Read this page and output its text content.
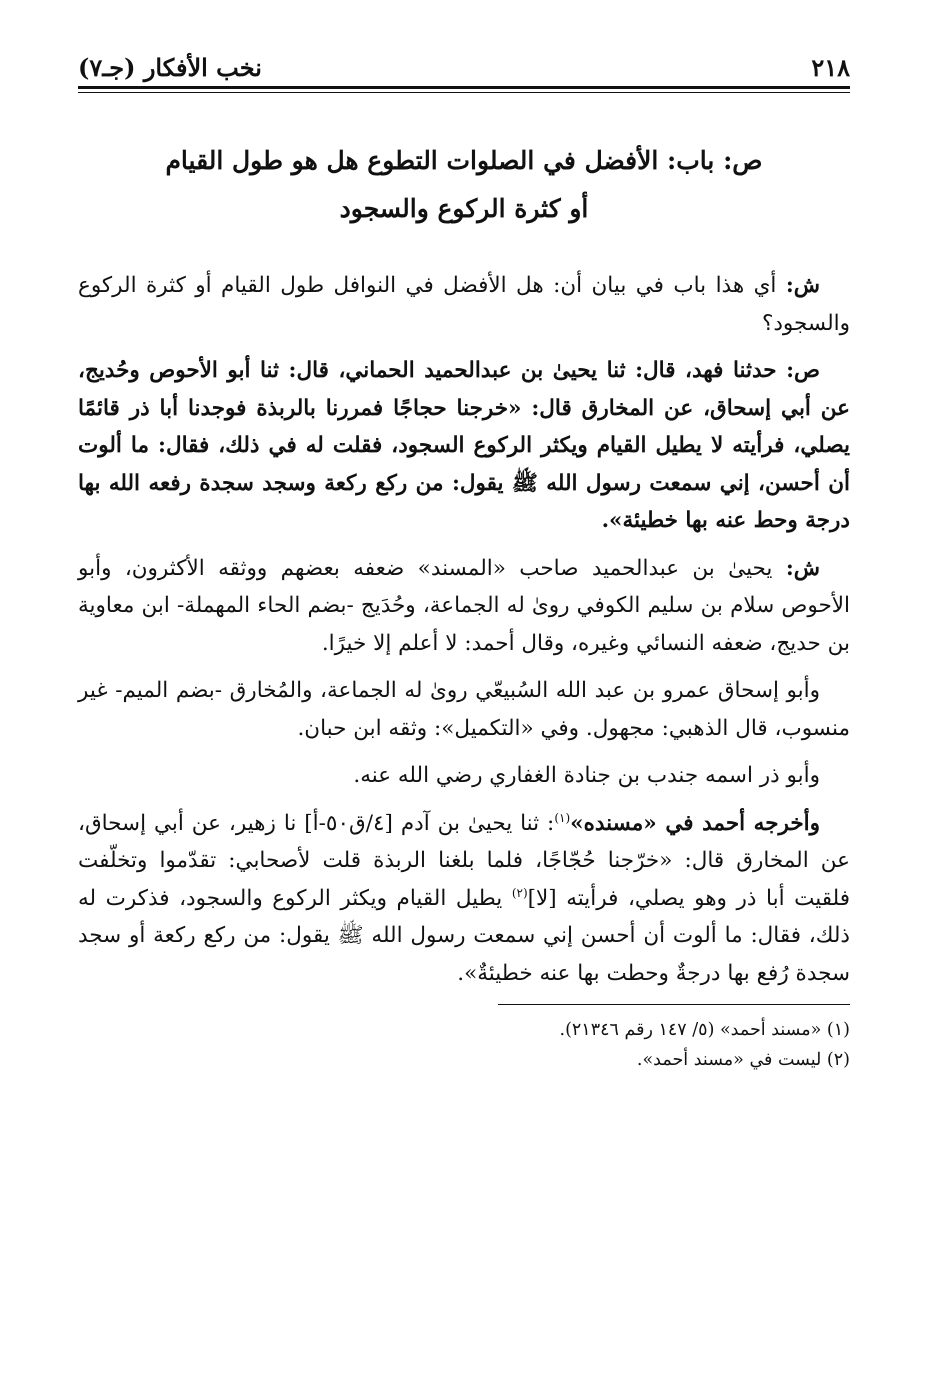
٢١٨
نخب الأفكار (جـ٧)
ص: باب: الأفضل في الصلوات التطوع هل هو طول القيام
أو كثرة الركوع والسجود

ش: أي هذا باب في بيان أن: هل الأفضل في النوافل طول القيام أو كثرة الركوع والسجود؟

ص: حدثنا فهد، قال: ثنا يحيىٰ بن عبدالحميد الحماني، قال: ثنا أبو الأحوص وحُديج، عن أبي إسحاق، عن المخارق قال: «خرجنا حجاجًا فمررنا بالربذة فوجدنا أبا ذر قائمًا يصلي، فرأيته لا يطيل القيام ويكثر الركوع السجود، فقلت له في ذلك، فقال: ما ألوت أن أحسن، إني سمعت رسول الله ﷺ يقول: من ركع ركعة وسجد سجدة رفعه الله بها درجة وحط عنه بها خطيئة».

ش: يحيىٰ بن عبدالحميد صاحب «المسند» ضعفه بعضهم ووثقه الأكثرون، وأبو الأحوص سلام بن سليم الكوفي روىٰ له الجماعة، وحُدَيج -بضم الحاء المهملة- ابن معاوية بن حديج، ضعفه النسائي وغيره، وقال أحمد: لا أعلم إلا خيرًا.

وأبو إسحاق عمرو بن عبد الله السُبيعّي روىٰ له الجماعة، والمُخارق -بضم الميم- غير منسوب، قال الذهبي: مجهول. وفي «التكميل»: وثقه ابن حبان.

وأبو ذر اسمه جندب بن جنادة الغفاري رضي الله عنه.

وأخرجه أحمد في «مسنده»$^{(١)}$: ثنا يحيىٰ بن آدم [٤/ق٥٠-أ] نا زهير، عن أبي إسحاق، عن المخارق قال: «خرّجنا حُجّاجًا، فلما بلغنا الربذة قلت لأصحابي: تقدّموا وتخلّفت فلقيت أبا ذر وهو يصلي، فرأيته [لا]$^{(٢)}$ يطيل القيام ويكثر الركوع والسجود، فذكرت له ذلك، فقال: ما ألوت أن أحسن إني سمعت رسول الله ﷺ يقول: من ركع ركعة أو سجد سجدة رُفع بها درجةٌ وحطت بها عنه خطيئةٌ».

(١) «مسند أحمد» (٥/ ١٤٧ رقم ٢١٣٤٦).
(٢) ليست في «مسند أحمد».
